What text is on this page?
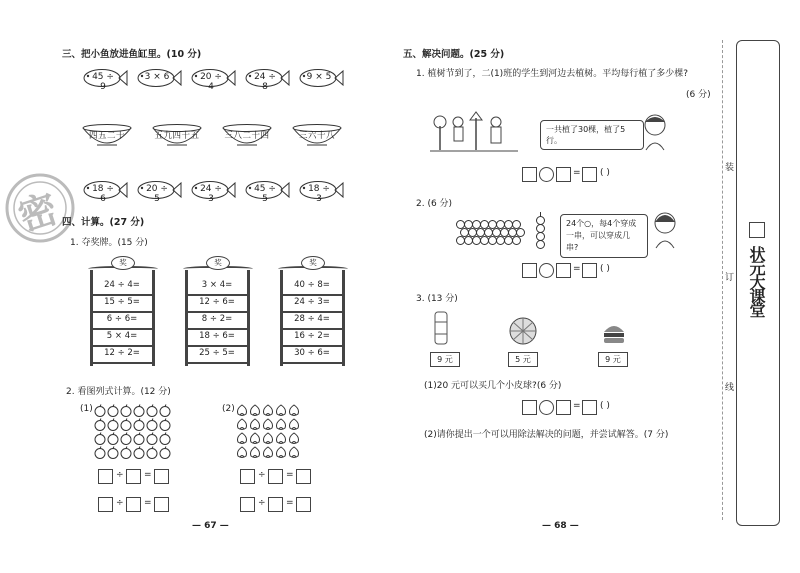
三、把小鱼放进鱼缸里。(10 分)
45 ÷ 9
3 × 6	20 ÷ 4
24 ÷ 8
9 × 5
四五二十	五九四十五	三八二十四	三六十八
18 ÷ 6
20 ÷ 5
24 ÷ 3
45 ÷ 5
18 ÷ 3
密 四、计算。(27 分)
1. 夺奖牌。(15 分)
奖
24 ÷ 4=
15 ÷ 5=
6 ÷ 6=
5 × 4=
12 ÷ 2=
奖
3 × 4=
12 ÷ 6=
8 ÷ 2=
18 ÷ 6=
25 ÷ 5=
奖
40 ÷ 8=
24 ÷ 3=
28 ÷ 4=
16 ÷ 2=
30 ÷ 6=
2. 看图列式计算。(12 分)
(1)	(2)
÷ =
÷ =
÷ =
÷ =
— 67 —
五、解决问题。(25 分)
1. 植树节到了，二(1)班的学生到河边去植树。平均每行植了多少棵?
(6 分)
一共植了30棵，植了5行。
= ( )
2. (6 分)
24个○，每4个穿成一串，可以穿成几串?
= ( )
3. (13 分)
9 元	5 元	9 元
(1)20 元可以买几个小皮球?(6 分)
= ( )
(2)请你提出一个可以用除法解决的问题，并尝试解答。(7 分)
— 68 —
装
订
线
状元大课堂
